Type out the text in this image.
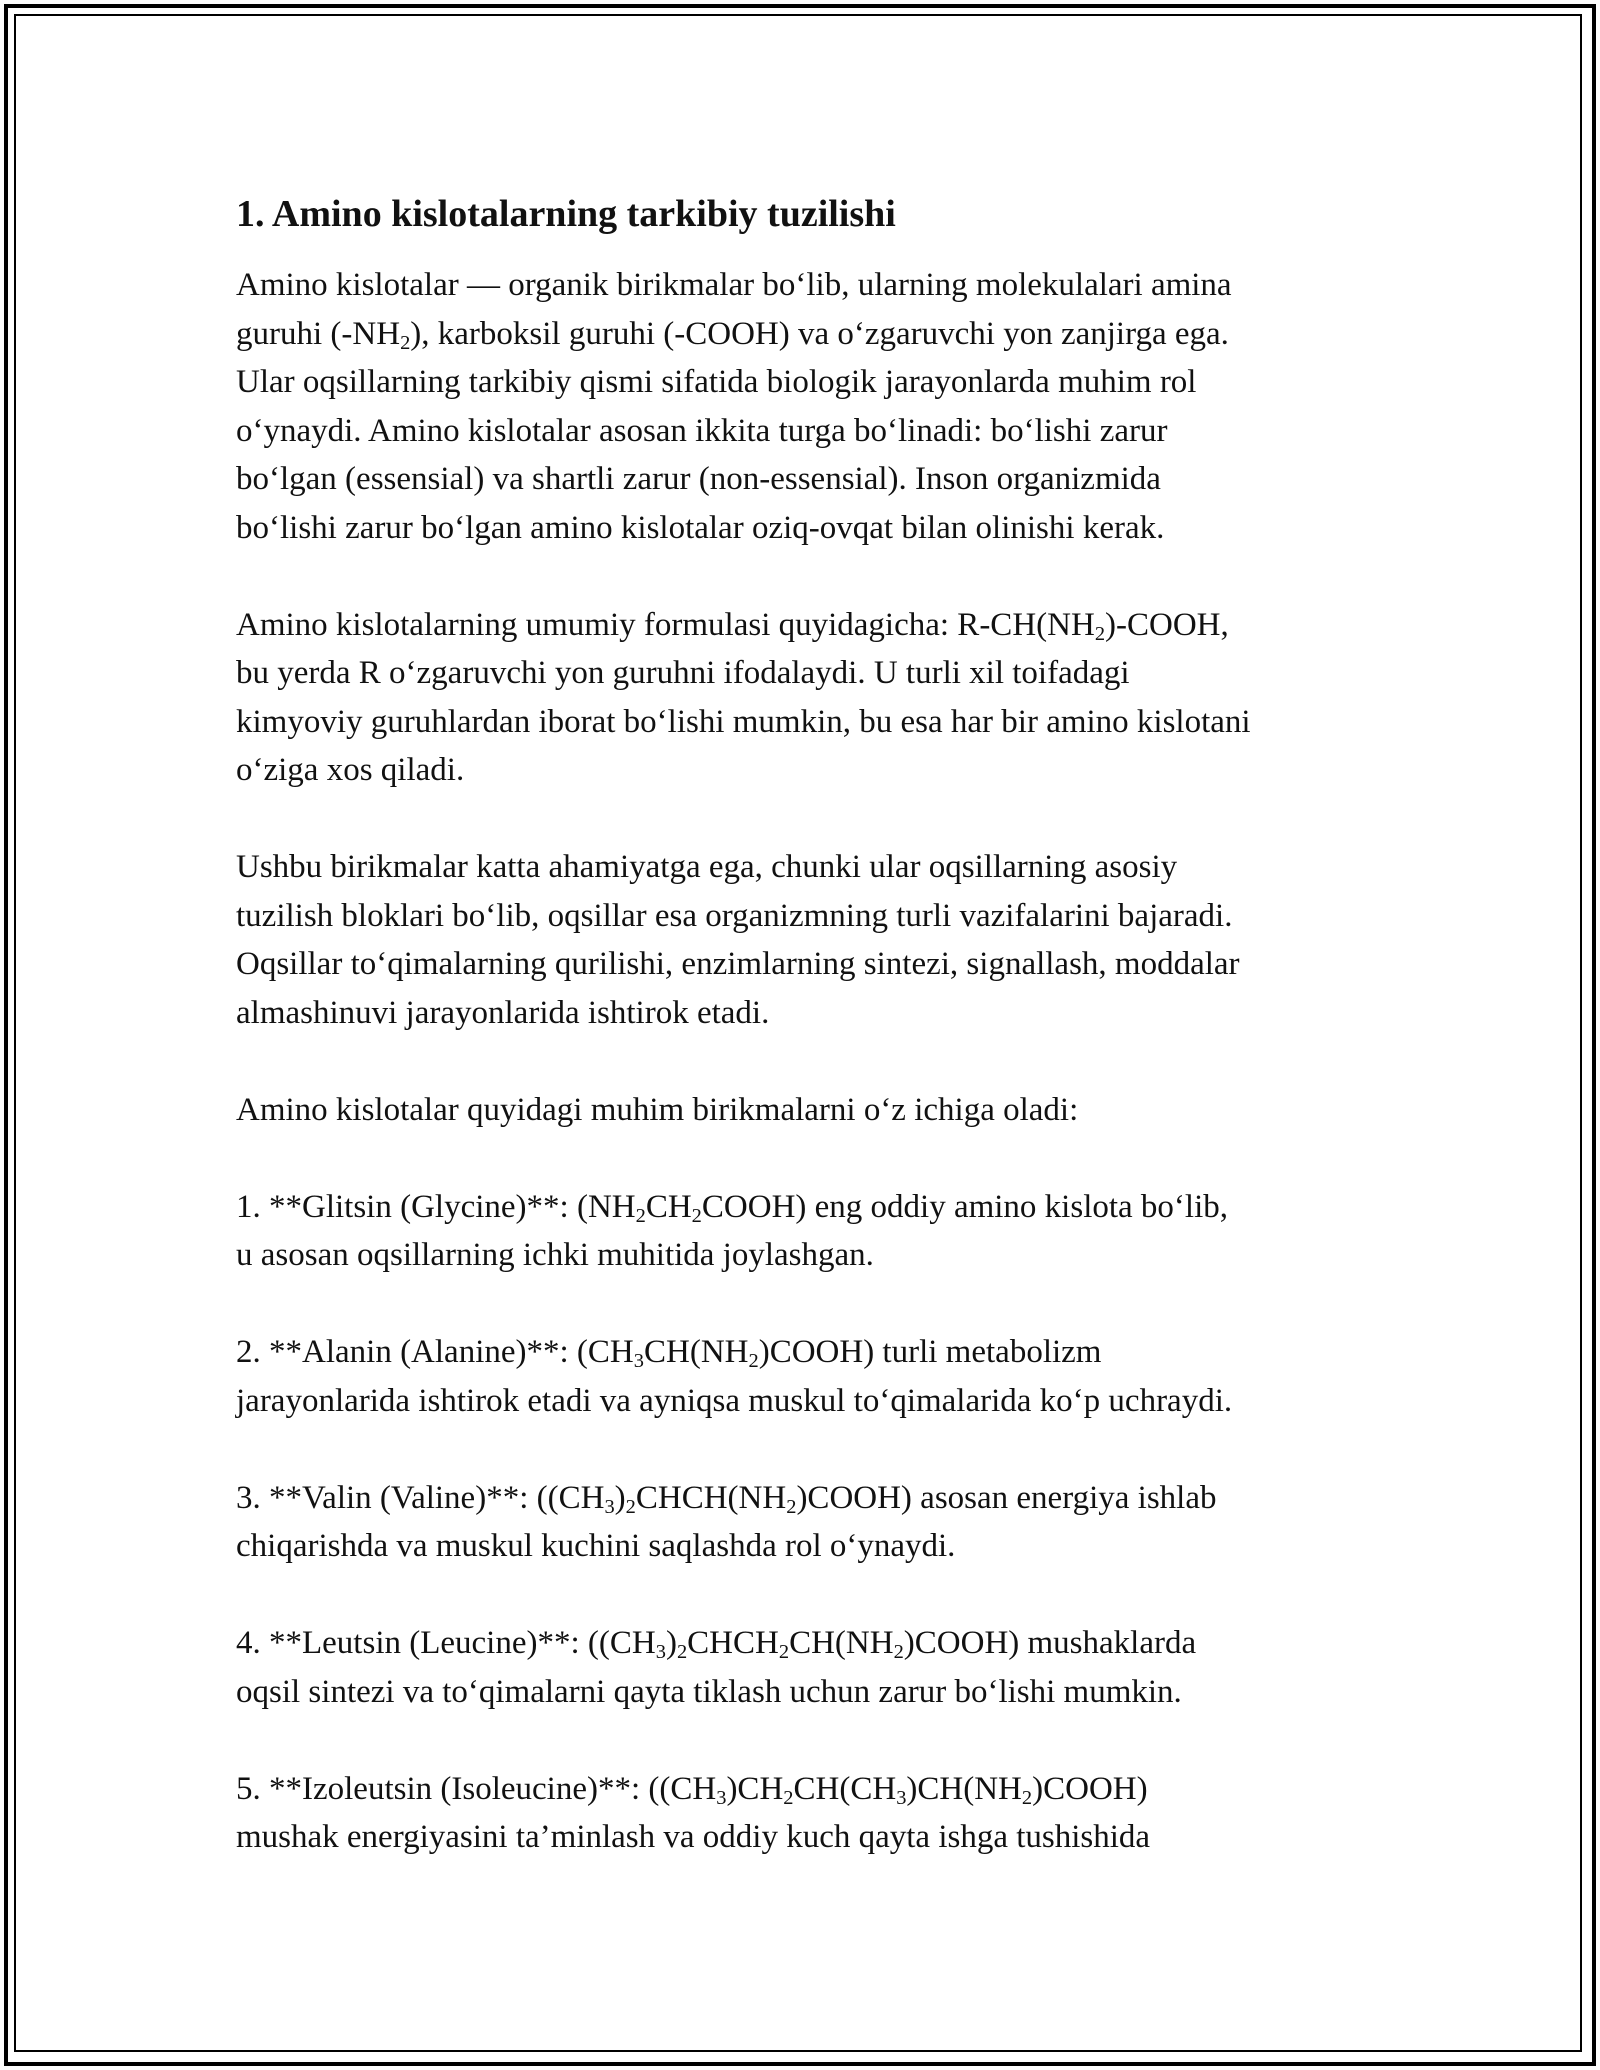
1. Amino kislotalarning tarkibiy tuzilishi

Amino kislotalar — organik birikmalar bo‘lib, ularning molekulalari amina
guruhi $(-NH_2)$, karboksil guruhi (-COOH) va o‘zgaruvchi yon zanjirga ega.
Ular oqsillarning tarkibiy qismi sifatida biologik jarayonlarda muhim rol
o‘ynaydi. Amino kislotalar asosan ikkita turga bo‘linadi: bo‘lishi zarur
bo‘lgan (essensial) va shartli zarur (non-essensial). Inson organizmida
bo‘lishi zarur bo‘lgan amino kislotalar oziq-ovqat bilan olinishi kerak.

Amino kislotalarning umumiy formulasi quyidagicha: $R-CH(NH_2)$-COOH,
bu yerda R o‘zgaruvchi yon guruhni ifodalaydi. U turli xil toifadagi
kimyoviy guruhlardan iborat bo‘lishi mumkin, bu esa har bir amino kislotani
o‘ziga xos qiladi.

Ushbu birikmalar katta ahamiyatga ega, chunki ular oqsillarning asosiy
tuzilish bloklari bo‘lib, oqsillar esa organizmning turli vazifalarini bajaradi.
Oqsillar to‘qimalarning qurilishi, enzimlarning sintezi, signallash, moddalar
almashinuvi jarayonlarida ishtirok etadi.

Amino kislotalar quyidagi muhim birikmalarni o‘z ichiga oladi:

1. **Glitsin (Glycine)**: $(NH_2CH_2COOH)$ eng oddiy amino kislota bo‘lib,
u asosan oqsillarning ichki muhitida joylashgan.

2. **Alanin (Alanine)**: $(CH_3CH(NH_2)COOH)$ turli metabolizm
jarayonlarida ishtirok etadi va ayniqsa muskul to‘qimalarida ko‘p uchraydi.

3. **Valin (Valine)**: $((CH_3)_2CHCH(NH_2)COOH)$ asosan energiya ishlab
chiqarishda va muskul kuchini saqlashda rol o‘ynaydi.

4. **Leutsin (Leucine)**: $((CH_3)_2CHCH_2CH(NH_2)COOH)$ mushaklarda
oqsil sintezi va to‘qimalarni qayta tiklash uchun zarur bo‘lishi mumkin.

5. **Izoleutsin (Isoleucine)**: $((CH_3)CH_2CH(CH_3)CH(NH_2)COOH)$
mushak energiyasini ta’minlash va oddiy kuch qayta ishga tushishida
